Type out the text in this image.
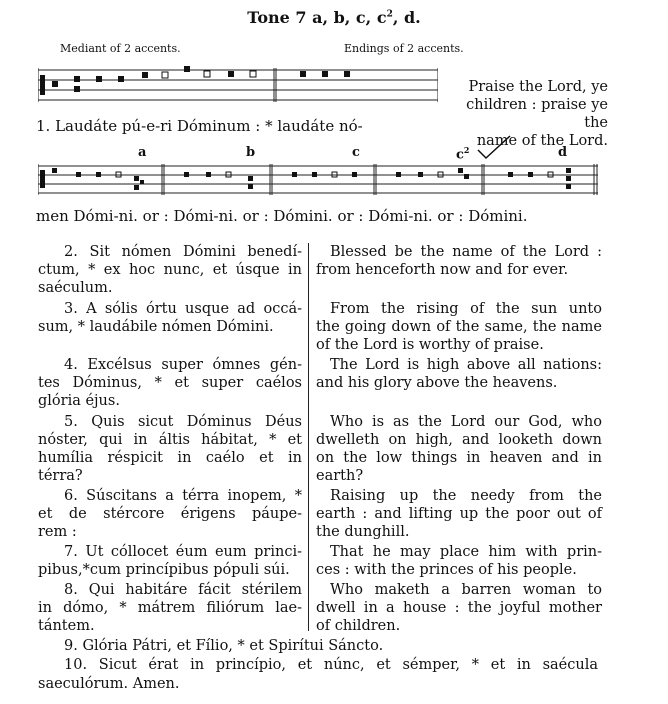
Tone 7 a, b, c, $c^2$, d.
Mediant of 2 accents.	Endings of 2 accents.
1. Laudáte pú-e-ri Dóminum : * laudáte nó-
Praise the Lord, ye
children : praise ye the
name of the Lord.
a	b	c	$c^2$	d
men Dómi-ni. or : Dómi-ni. or : Dómini. or : Dómi-ni. or : Dómini.
2. Sit nómen Dómini benedí-
ctum, * ex hoc nunc, et úsque in
saéculum.
Blessed be the name of the Lord :
from henceforth now and for ever.
3. A sólis órtu usque ad occá-
sum, * laudábile nómen Dómini.
From the rising of the sun unto
the going down of the same, the name
of the Lord is worthy of praise.
4. Excélsus super ómnes gén-
tes Dóminus, * et super caélos
glória éjus.
The Lord is high above all nations:
and his glory above the heavens.
5. Quis sicut Dóminus Déus
nóster, qui in áltis hábitat, * et
humília réspicit in caélo et in
térra?
Who is as the Lord our God, who
dwelleth on high, and looketh down
on the low things in heaven and in
earth?
6. Súscitans a térra inopem, *
et de stércore érigens páupe-
rem :
Raising up the needy from the
earth : and lifting up the poor out of
the dunghill.
7. Ut cóllocet éum eum princi-
pibus,*cum princípibus pópuli súi.
That he may place him with prin-
ces : with the princes of his people.
8. Qui habitáre fácit stérilem
in dómo, * mátrem filiórum lae-
tántem.
Who maketh a barren woman to
dwell in a house : the joyful mother
of children.
9. Glória Pátri, et Fílio, * et Spirítui Sáncto.
10. Sicut érat in princípio, et núnc, et sémper, * et in saécula
saeculórum. Amen.
